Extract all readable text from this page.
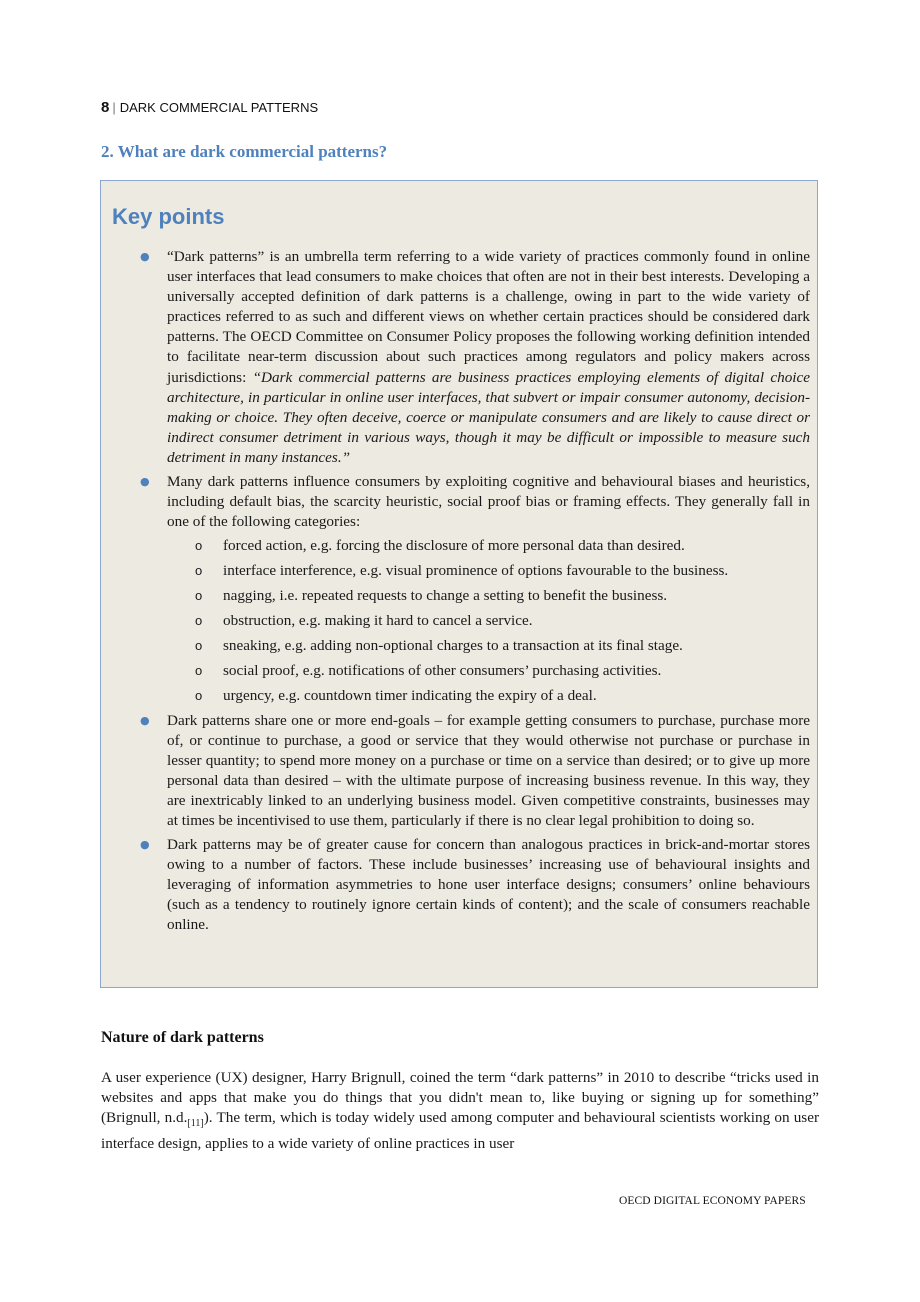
8 | DARK COMMERCIAL PATTERNS
2. What are dark commercial patterns?
Key points
● “Dark patterns” is an umbrella term referring to a wide variety of practices commonly found in online user interfaces that lead consumers to make choices that often are not in their best interests. Developing a universally accepted definition of dark patterns is a challenge, owing in part to the wide variety of practices referred to as such and different views on whether certain practices should be considered dark patterns. The OECD Committee on Consumer Policy proposes the following working definition intended to facilitate near-term discussion about such practices among regulators and policy makers across jurisdictions: “Dark commercial patterns are business practices employing elements of digital choice architecture, in particular in online user interfaces, that subvert or impair consumer autonomy, decision-making or choice. They often deceive, coerce or manipulate consumers and are likely to cause direct or indirect consumer detriment in various ways, though it may be difficult or impossible to measure such detriment in many instances.”
● Many dark patterns influence consumers by exploiting cognitive and behavioural biases and heuristics, including default bias, the scarcity heuristic, social proof bias or framing effects. They generally fall in one of the following categories:
o forced action, e.g. forcing the disclosure of more personal data than desired.
o interface interference, e.g. visual prominence of options favourable to the business.
o nagging, i.e. repeated requests to change a setting to benefit the business.
o obstruction, e.g. making it hard to cancel a service.
o sneaking, e.g. adding non-optional charges to a transaction at its final stage.
o social proof, e.g. notifications of other consumers’ purchasing activities.
o urgency, e.g. countdown timer indicating the expiry of a deal.
● Dark patterns share one or more end-goals – for example getting consumers to purchase, purchase more of, or continue to purchase, a good or service that they would otherwise not purchase or purchase in lesser quantity; to spend more money on a purchase or time on a service than desired; or to give up more personal data than desired – with the ultimate purpose of increasing business revenue. In this way, they are inextricably linked to an underlying business model. Given competitive constraints, businesses may at times be incentivised to use them, particularly if there is no clear legal prohibition to doing so.
● Dark patterns may be of greater cause for concern than analogous practices in brick-and-mortar stores owing to a number of factors. These include businesses’ increasing use of behavioural insights and leveraging of information asymmetries to hone user interface designs; consumers’ online behaviours (such as a tendency to routinely ignore certain kinds of content); and the scale of consumers reachable online.
Nature of dark patterns

A user experience (UX) designer, Harry Brignull, coined the term “dark patterns” in 2010 to describe “tricks used in websites and apps that make you do things that you didn't mean to, like buying or signing up for something” (Brignull, $n.d._{[11]}$). The term, which is today widely used among computer and behavioural scientists working on user interface design, applies to a wide variety of online practices in user

OECD DIGITAL ECONOMY PAPERS
